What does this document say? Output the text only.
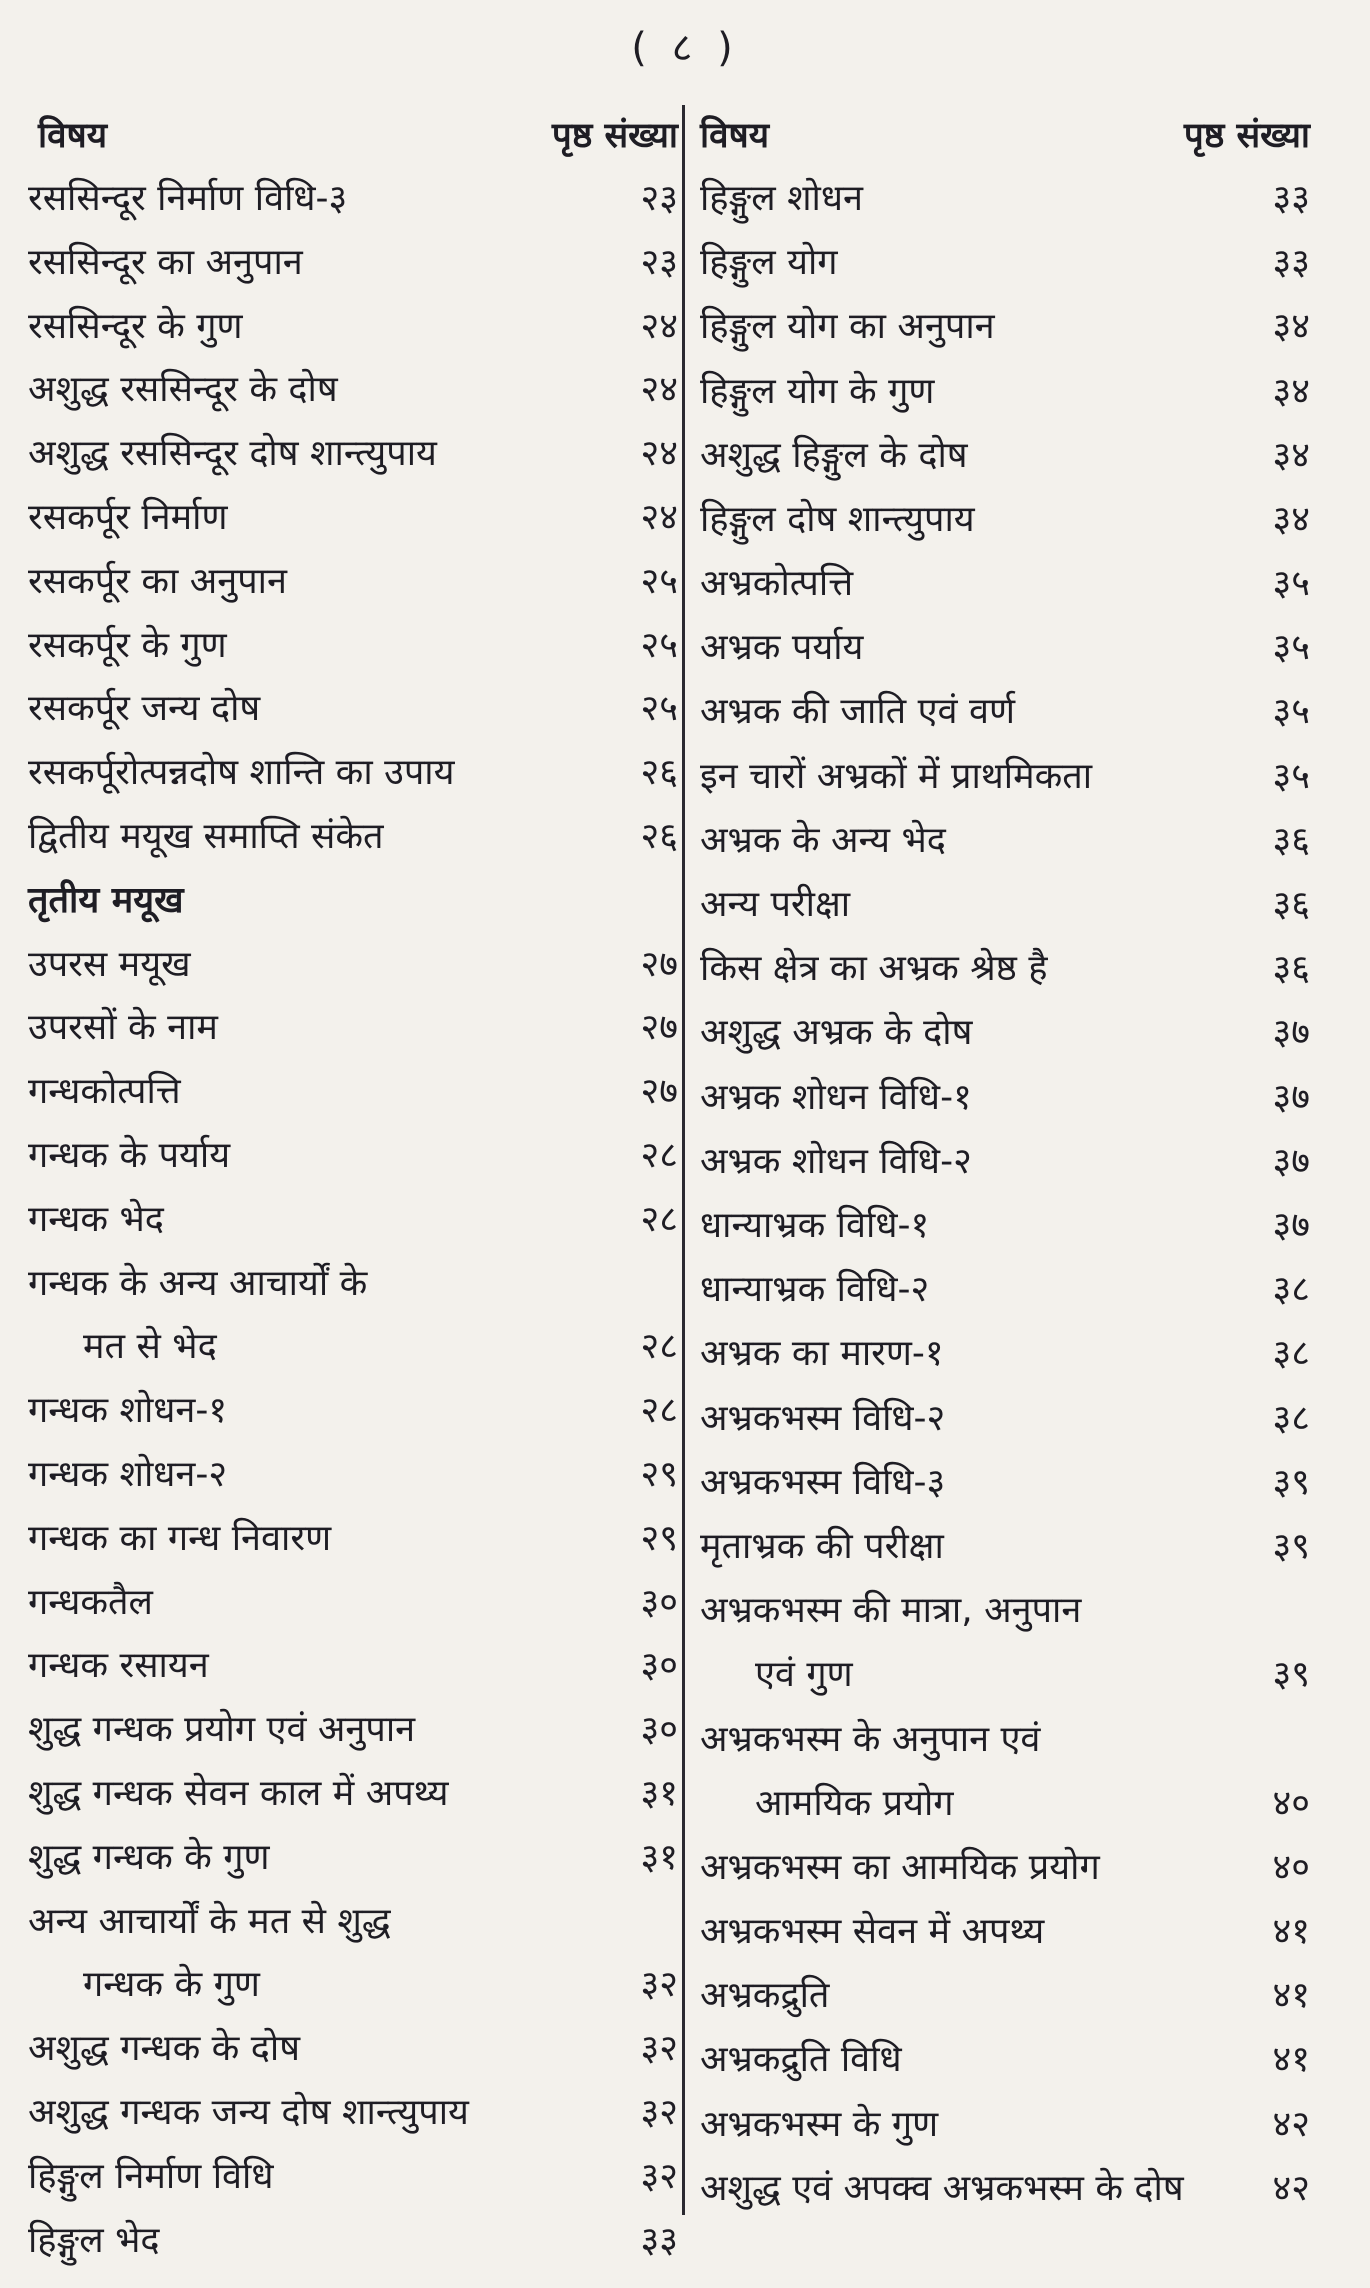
( ८ )
विषय	पृष्ठ संख्या
रससिन्दूर निर्माण विधि-३	२३
रससिन्दूर का अनुपान	२३
रससिन्दूर के गुण	२४
अशुद्ध रससिन्दूर के दोष	२४
अशुद्ध रससिन्दूर दोष शान्त्युपाय	२४
रसकर्पूर निर्माण	२४
रसकर्पूर का अनुपान	२५
रसकर्पूर के गुण	२५
रसकर्पूर जन्य दोष	२५
रसकर्पूरोत्पन्नदोष शान्ति का उपाय	२६
द्वितीय मयूख समाप्ति संकेत	२६
तृतीय मयूख
उपरस मयूख	२७
उपरसों के नाम	२७
गन्धकोत्पत्ति	२७
गन्धक के पर्याय	२८
गन्धक भेद	२८
गन्धक के अन्य आचार्यों के
मत से भेद	२८
गन्धक शोधन-१	२८
गन्धक शोधन-२	२९
गन्धक का गन्ध निवारण	२९
गन्धकतैल	३०
गन्धक रसायन	३०
शुद्ध गन्धक प्रयोग एवं अनुपान	३०
शुद्ध गन्धक सेवन काल में अपथ्य	३१
शुद्ध गन्धक के गुण	३१
अन्य आचार्यों के मत से शुद्ध
गन्धक के गुण	३२
अशुद्ध गन्धक के दोष	३२
अशुद्ध गन्धक जन्य दोष शान्त्युपाय	३२
हिङ्गुल निर्माण विधि	३२
हिङ्गुल भेद	३३
विषय	पृष्ठ संख्या
हिङ्गुल शोधन	३३
हिङ्गुल योग	३३
हिङ्गुल योग का अनुपान	३४
हिङ्गुल योग के गुण	३४
अशुद्ध हिङ्गुल के दोष	३४
हिङ्गुल दोष शान्त्युपाय	३४
अभ्रकोत्पत्ति	३५
अभ्रक पर्याय	३५
अभ्रक की जाति एवं वर्ण	३५
इन चारों अभ्रकों में प्राथमिकता	३५
अभ्रक के अन्य भेद	३६
अन्य परीक्षा	३६
किस क्षेत्र का अभ्रक श्रेष्ठ है	३६
अशुद्ध अभ्रक के दोष	३७
अभ्रक शोधन विधि-१	३७
अभ्रक शोधन विधि-२	३७
धान्याभ्रक विधि-१	३७
धान्याभ्रक विधि-२	३८
अभ्रक का मारण-१	३८
अभ्रकभस्म विधि-२	३८
अभ्रकभस्म विधि-३	३९
मृताभ्रक की परीक्षा	३९
अभ्रकभस्म की मात्रा, अनुपान
एवं गुण	३९
अभ्रकभस्म के अनुपान एवं
आमयिक प्रयोग	४०
अभ्रकभस्म का आमयिक प्रयोग	४०
अभ्रकभस्म सेवन में अपथ्य	४१
अभ्रकद्रुति	४१
अभ्रकद्रुति विधि	४१
अभ्रकभस्म के गुण	४२
अशुद्ध एवं अपक्व अभ्रकभस्म के दोष ४२
